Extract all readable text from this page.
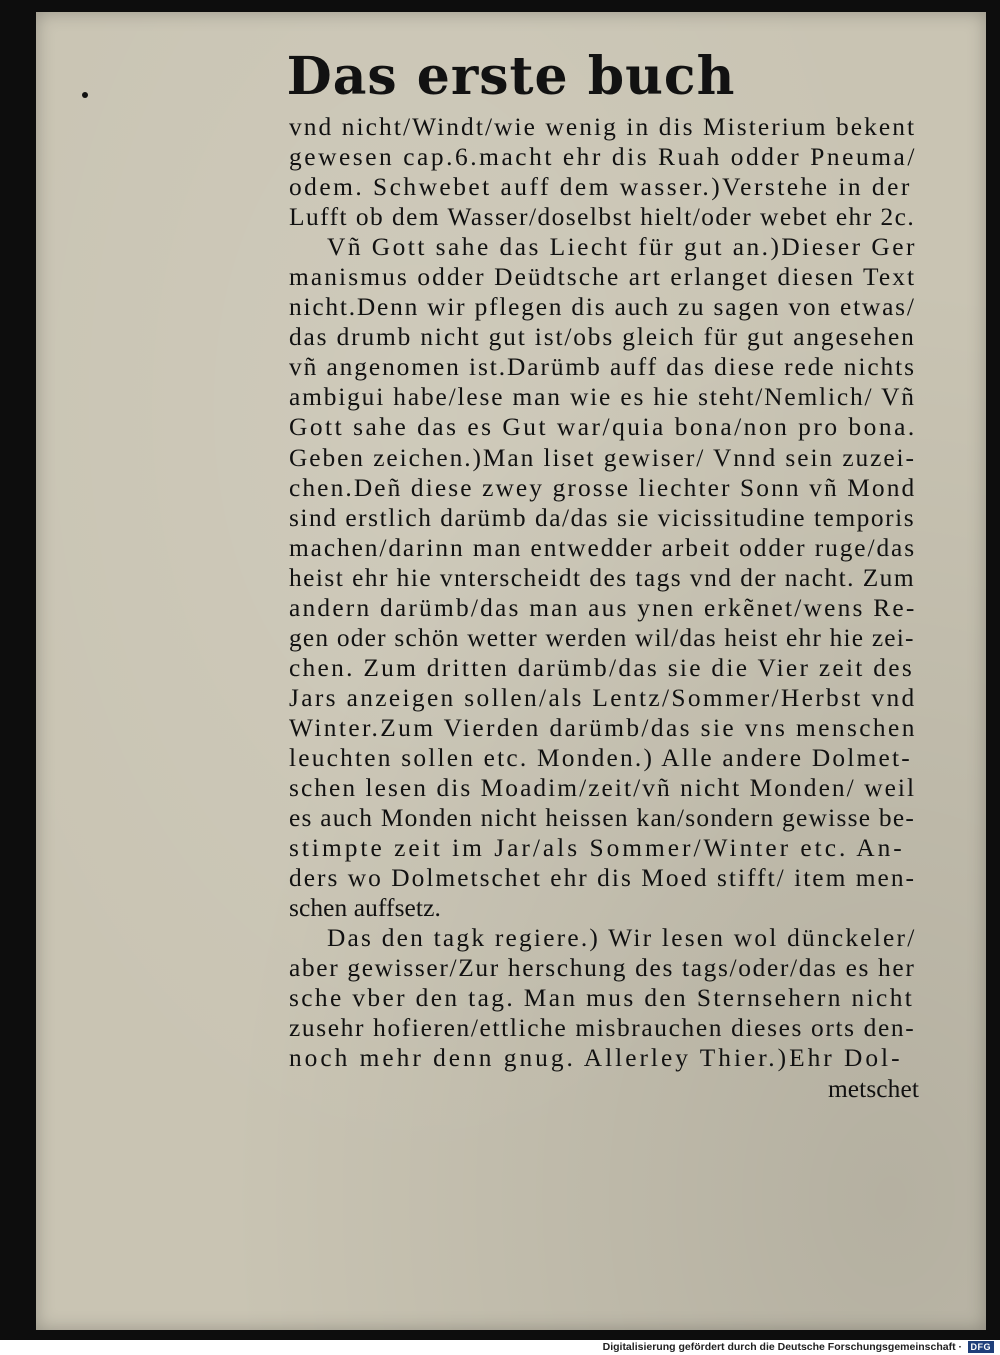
Das erste buch
vnd nicht/Windt/wie wenig in dis Misterium bekent
gewesen cap.6.macht ehr dis Ruah odder Pneuma/
odem. Schwebet auff dem wasser.)Verstehe in der
Lufft ob dem Wasser/doselbst hielt/oder webet ehr 2c.
Vñ Gott sahe das Liecht für gut an.)Dieser Ger
manismus odder Deüdtsche art erlanget diesen Text
nicht.Denn wir pflegen dis auch zu sagen von etwas/
das drumb nicht gut ist/obs gleich für gut angesehen
vñ angenomen ist.Darümb auff das diese rede nichts
ambigui habe/lese man wie es hie steht/Nemlich/ Vñ
Gott sahe das es Gut war/quia bona/non pro bona.
Geben zeichen.)Man liset gewiser/ Vnnd sein zuzei-
chen.Deñ diese zwey grosse liechter Sonn vñ Mond
sind erstlich darümb da/das sie vicissitudine temporis
machen/darinn man entwedder arbeit odder ruge/das
heist ehr hie vnterscheidt des tags vnd der nacht. Zum
andern darümb/das man aus ynen erkẽnet/wens Re-
gen oder schön wetter werden wil/das heist ehr hie zei-
chen. Zum dritten darümb/das sie die Vier zeit des
Jars anzeigen sollen/als Lentz/Sommer/Herbst vnd
Winter.Zum Vierden darümb/das sie vns menschen
leuchten sollen etc. Monden.) Alle andere Dolmet-
schen lesen dis Moadim/zeit/vñ nicht Monden/ weil
es auch Monden nicht heissen kan/sondern gewisse be-
stimpte zeit im Jar/als Sommer/Winter etc. An-
ders wo Dolmetschet ehr dis Moed stifft/ item men-
schen auffsetz.
Das den tagk regiere.) Wir lesen wol dünckeler/
aber gewisser/Zur herschung des tags/oder/das es her
sche vber den tag. Man mus den Sternsehern nicht
zusehr hofieren/ettliche misbrauchen dieses orts den-
noch mehr denn gnug. Allerley Thier.)Ehr Dol-
metschet
Digitalisierung gefördert durch die Deutsche Forschungsgemeinschaft · DFG
